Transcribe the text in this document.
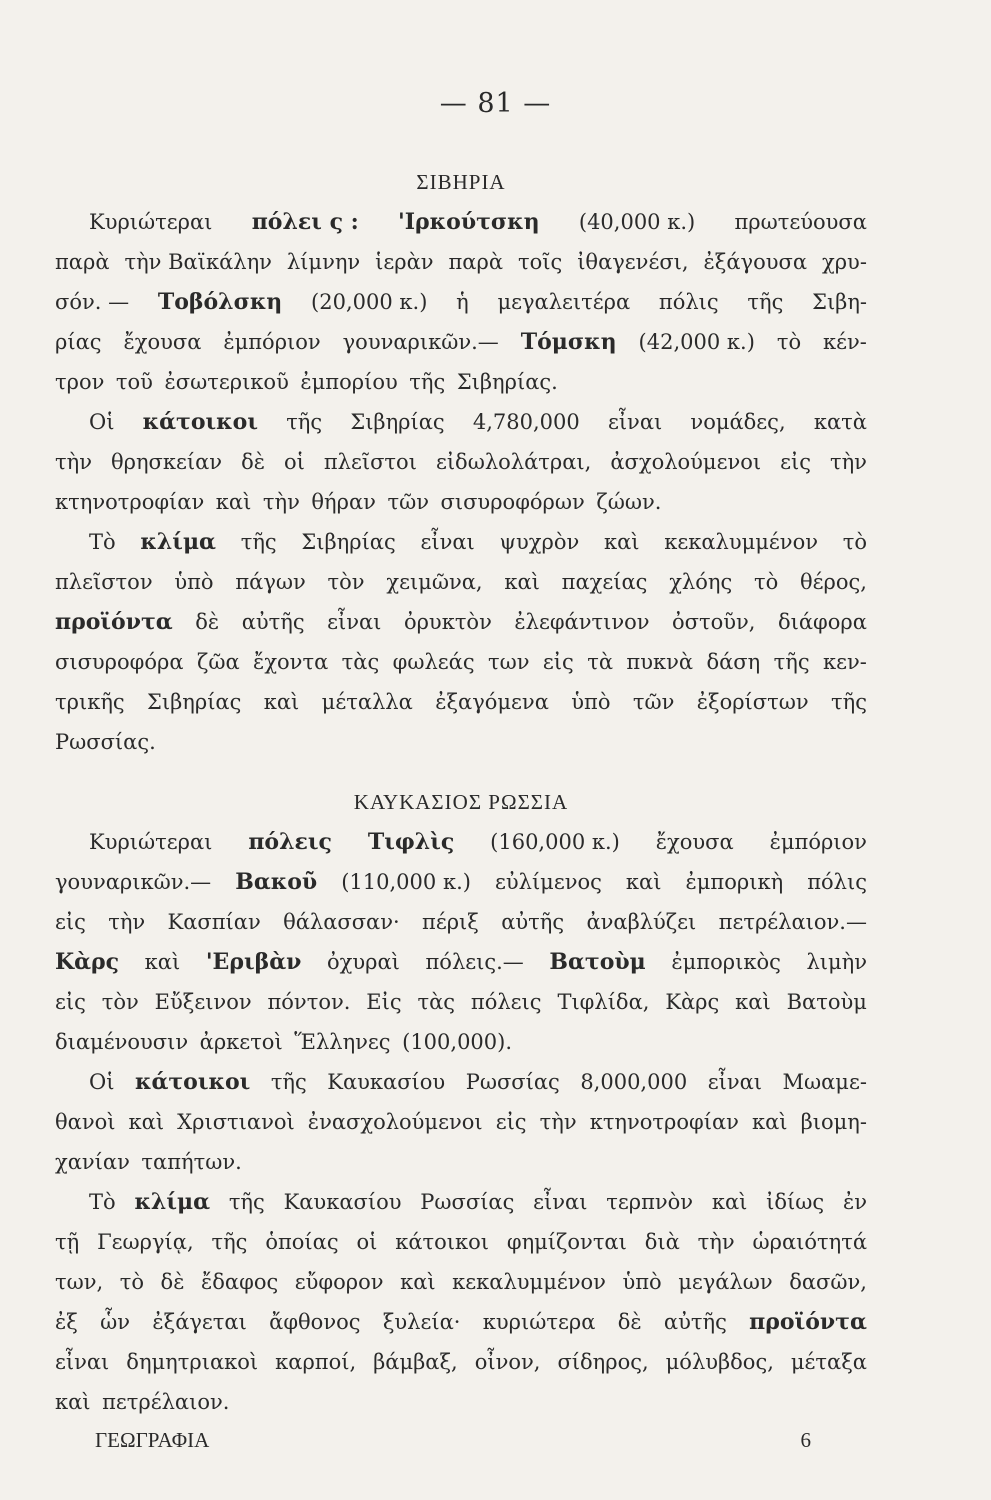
— 81 —
ΣΙΒΗΡΙΑ
Κυριώτεραι πόλει ς : 'Ιρκούτσκη (40,000 κ.) πρωτεύουσα
παρὰ τὴν Βαϊκάλην λίμνην ἱερὰν παρὰ τοῖς ἰθαγενέσι, ἐξάγουσα χρυ-
σόν. — Τοβόλσκη (20,000 κ.) ἡ μεγαλειτέρα πόλις τῆς Σιβη-
ρίας ἔχουσα ἐμπόριον γουναρικῶν.— Τόμσκη (42,000 κ.) τὸ κέν-
τρον τοῦ ἐσωτερικοῦ ἐμπορίου τῆς Σιβηρίας.
Οἱ κάτοικοι τῆς Σιβηρίας 4,780,000 εἶναι νομάδες, κατὰ
τὴν θρησκείαν δὲ οἱ πλεῖστοι εἰδωλολάτραι, ἀσχολούμενοι εἰς τὴν
κτηνοτροφίαν καὶ τὴν θήραν τῶν σισυροφόρων ζώων.
Τὸ κλίμα τῆς Σιβηρίας εἶναι ψυχρὸν καὶ κεκαλυμμένον τὸ
πλεῖστον ὑπὸ πάγων τὸν χειμῶνα, καὶ παχείας χλόης τὸ θέρος,
προϊόντα δὲ αὐτῆς εἶναι ὀρυκτὸν ἐλεφάντινον ὀστοῦν, διάφορα
σισυροφόρα ζῶα ἔχοντα τὰς φωλεάς των εἰς τὰ πυκνὰ δάση τῆς κεν-
τρικῆς Σιβηρίας καὶ μέταλλα ἐξαγόμενα ὑπὸ τῶν ἐξορίστων τῆς
Ρωσσίας.
ΚΑΥΚΑΣΙΟΣ ΡΩΣΣΙΑ
Κυριώτεραι πόλεις Τιφλὶς (160,000 κ.) ἔχουσα ἐμπόριον
γουναρικῶν.— Βακοῦ (110,000 κ.) εὐλίμενος καὶ ἐμπορικὴ πόλις
εἰς τὴν Κασπίαν θάλασσαν· πέριξ αὐτῆς ἀναβλύζει πετρέλαιον.—
Κὰρς καὶ 'Εριβὰν ὀχυραὶ πόλεις.— Βατοὺμ ἐμπορικὸς λιμὴν
εἰς τὸν Εὔξεινον πόντον. Εἰς τὰς πόλεις Τιφλίδα, Κὰρς καὶ Βατοὺμ
διαμένουσιν ἀρκετοὶ Ἕλληνες (100,000).
Οἱ κάτοικοι τῆς Καυκασίου Ρωσσίας 8,000,000 εἶναι Μωαμε-
θανοὶ καὶ Χριστιανοὶ ἐνασχολούμενοι εἰς τὴν κτηνοτροφίαν καὶ βιομη-
χανίαν ταπήτων.
Τὸ κλίμα τῆς Καυκασίου Ρωσσίας εἶναι τερπνὸν καὶ ἰδίως ἐν
τῇ Γεωργίᾳ, τῆς ὁποίας οἱ κάτοικοι φημίζονται διὰ τὴν ὡραιότητά
των, τὸ δὲ ἔδαφος εὔφορον καὶ κεκαλυμμένον ὑπὸ μεγάλων δασῶν,
ἐξ ὧν ἐξάγεται ἄφθονος ξυλεία· κυριώτερα δὲ αὐτῆς προϊόντα
εἶναι δημητριακοὶ καρποί, βάμβαξ, οἶνον, σίδηρος, μόλυβδος, μέταξα
καὶ πετρέλαιον.
ΓΕΩΓΡΑΦΙΑ	6
